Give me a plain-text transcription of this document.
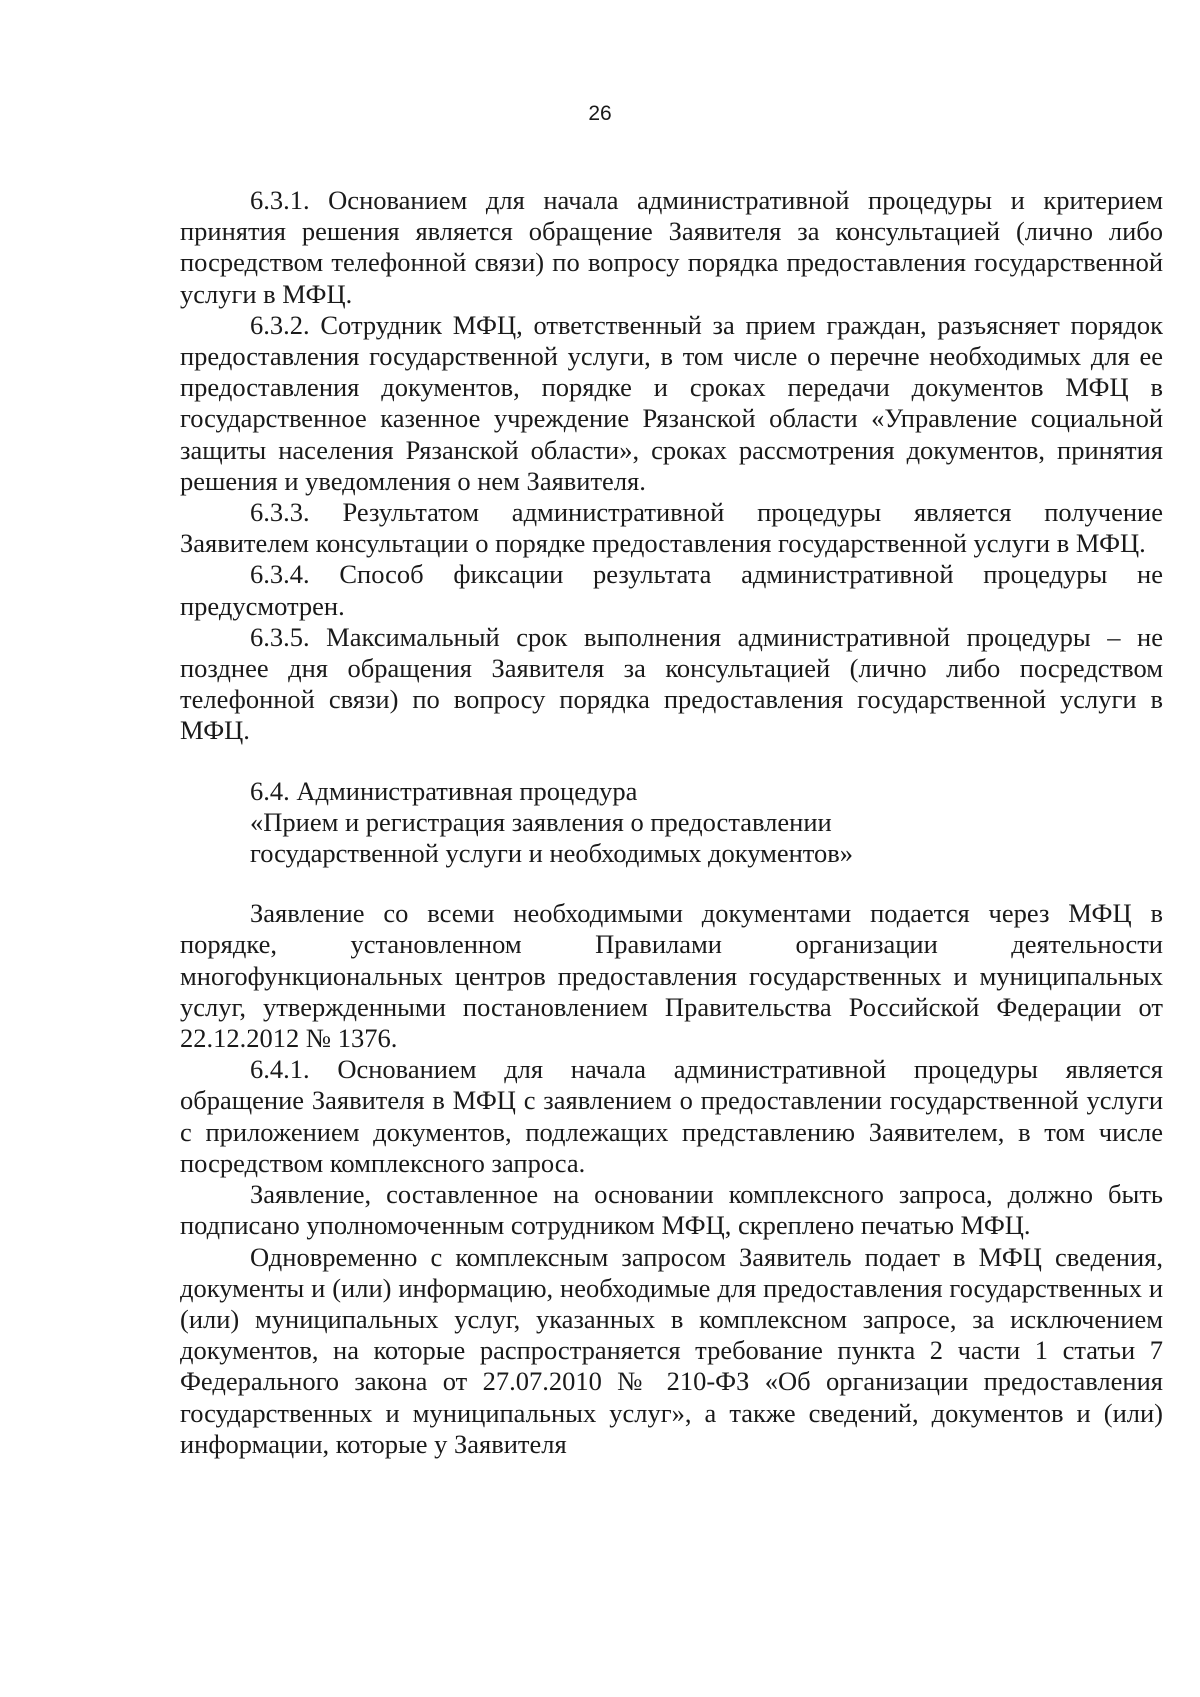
26

6.3.1. Основанием для начала административной процедуры и критерием принятия решения является обращение Заявителя за консультацией (лично либо посредством телефонной связи) по вопросу порядка предоставления государственной услуги в МФЦ.

6.3.2. Сотрудник МФЦ, ответственный за прием граждан, разъясняет порядок предоставления государственной услуги, в том числе о перечне необходимых для ее предоставления документов, порядке и сроках передачи документов МФЦ в государственное казенное учреждение Рязанской области «Управление социальной защиты населения Рязанской области», сроках рассмотрения документов, принятия решения и уведомления о нем Заявителя.

6.3.3. Результатом административной процедуры является получение Заявителем консультации о порядке предоставления государственной услуги в МФЦ.

6.3.4. Способ фиксации результата административной процедуры не предусмотрен.

6.3.5. Максимальный срок выполнения административной процедуры – не позднее дня обращения Заявителя за консультацией (лично либо посредством телефонной связи) по вопросу порядка предоставления государственной услуги в МФЦ.

6.4. Административная процедура
«Прием и регистрация заявления о предоставлении
государственной услуги и необходимых документов»

Заявление со всеми необходимыми документами подается через МФЦ в порядке, установленном Правилами организации деятельности многофункциональных центров предоставления государственных и муниципальных услуг, утвержденными постановлением Правительства Российской Федерации от 22.12.2012 № 1376.

6.4.1. Основанием для начала административной процедуры является обращение Заявителя в МФЦ с заявлением о предоставлении государственной услуги с приложением документов, подлежащих представлению Заявителем, в том числе посредством комплексного запроса.

Заявление, составленное на основании комплексного запроса, должно быть подписано уполномоченным сотрудником МФЦ, скреплено печатью МФЦ.

Одновременно с комплексным запросом Заявитель подает в МФЦ сведения, документы и (или) информацию, необходимые для предоставления государственных и (или) муниципальных услуг, указанных в комплексном запросе, за исключением документов, на которые распространяется требование пункта 2 части 1 статьи 7 Федерального закона от 27.07.2010 № 210-ФЗ «Об организации предоставления государственных и муниципальных услуг», а также сведений, документов и (или) информации, которые у Заявителя
